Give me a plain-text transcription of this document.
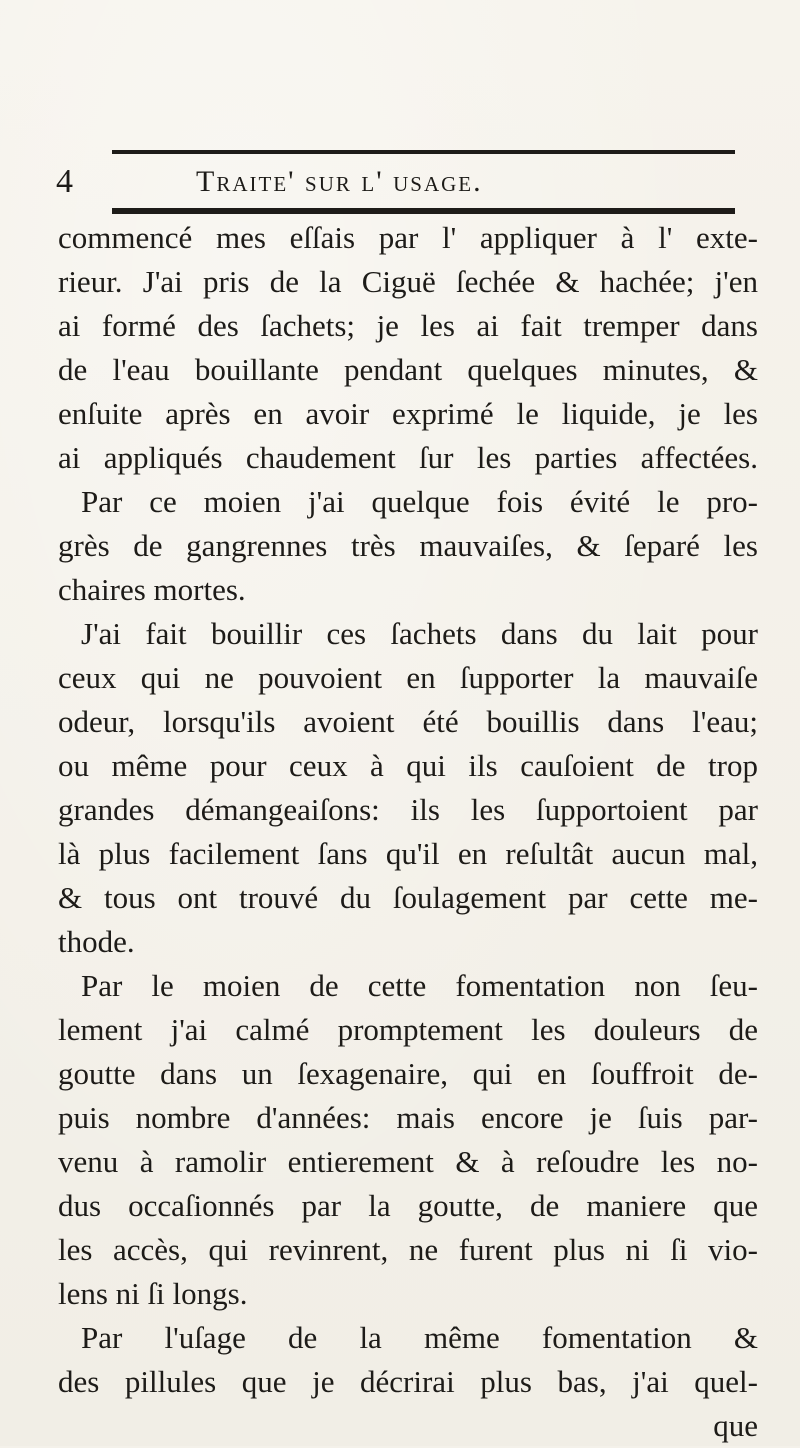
4	Traite' sur l' usage.
commencé mes eſſais par l' appliquer à l' exte-
rieur. J'ai pris de la Ciguë ſechée & hachée; j'en
ai formé des ſachets; je les ai fait tremper dans
de l'eau bouillante pendant quelques minutes, &
enſuite après en avoir exprimé le liquide, je les
ai appliqués chaudement ſur les parties affectées.
Par ce moien j'ai quelque fois évité le pro-
grès de gangrennes très mauvaiſes, & ſeparé les
chaires mortes.
J'ai fait bouillir ces ſachets dans du lait pour
ceux qui ne pouvoient en ſupporter la mauvaiſe
odeur, lorsqu'ils avoient été bouillis dans l'eau;
ou même pour ceux à qui ils cauſoient de trop
grandes démangeaiſons: ils les ſupportoient par
là plus facilement ſans qu'il en reſultât aucun mal,
& tous ont trouvé du ſoulagement par cette me-
thode.
Par le moien de cette fomentation non ſeu-
lement j'ai calmé promptement les douleurs de
goutte dans un ſexagenaire, qui en ſouffroit de-
puis nombre d'années: mais encore je ſuis par-
venu à ramolir entierement & à reſoudre les no-
dus occaſionnés par la goutte, de maniere que
les accès, qui revinrent, ne furent plus ni ſi vio-
lens ni ſi longs.
Par l'uſage de la même fomentation &
des pillules que je décrirai plus bas, j'ai quel-
que
